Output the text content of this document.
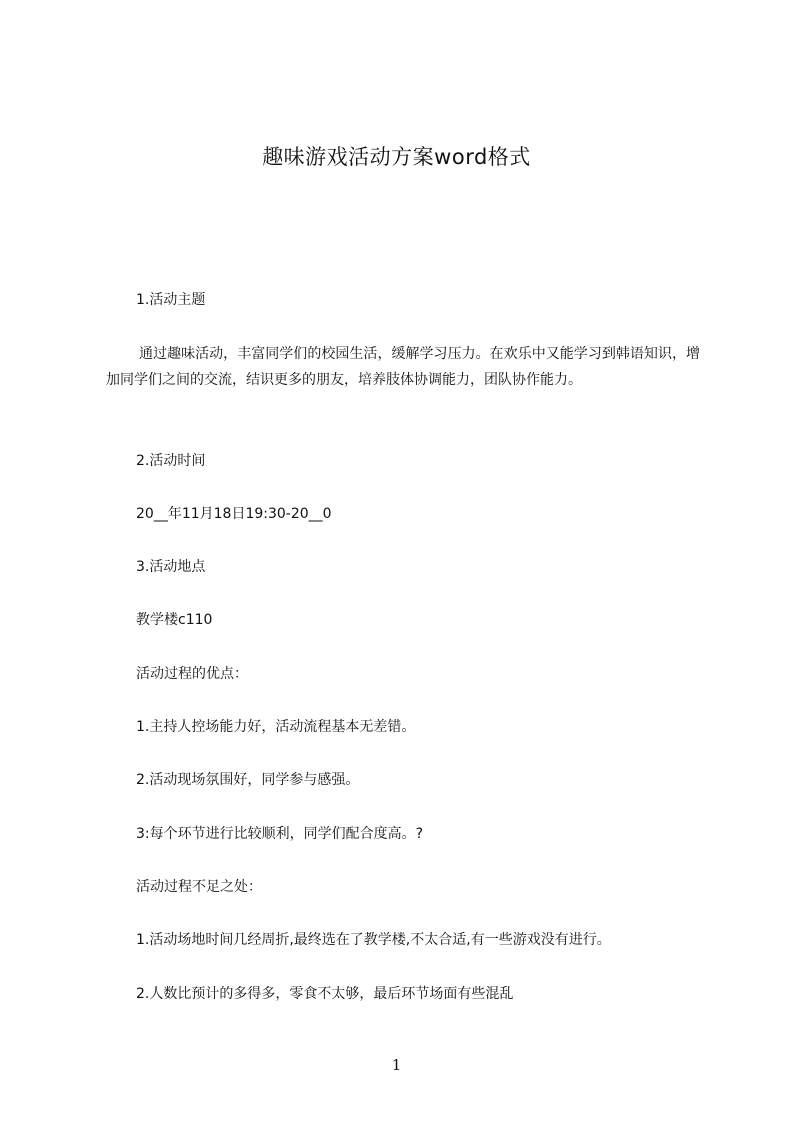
趣味游戏活动方案word格式
1.活动主题
通过趣味活动，丰富同学们的校园生活，缓解学习压力。在欢乐中又能学习到韩语知识，增加同学们之间的交流，结识更多的朋友，培养肢体协调能力，团队协作能力。
2.活动时间
20__年11月18日19:30-20__0
3.活动地点
教学楼c110
活动过程的优点：
1.主持人控场能力好，活动流程基本无差错。
2.活动现场氛围好，同学参与感强。
3:每个环节进行比较顺利，同学们配合度高。?
活动过程不足之处：
1.活动场地时间几经周折,最终选在了教学楼,不太合适,有一些游戏没有进行。
2.人数比预计的多得多，零食不太够，最后环节场面有些混乱
1
